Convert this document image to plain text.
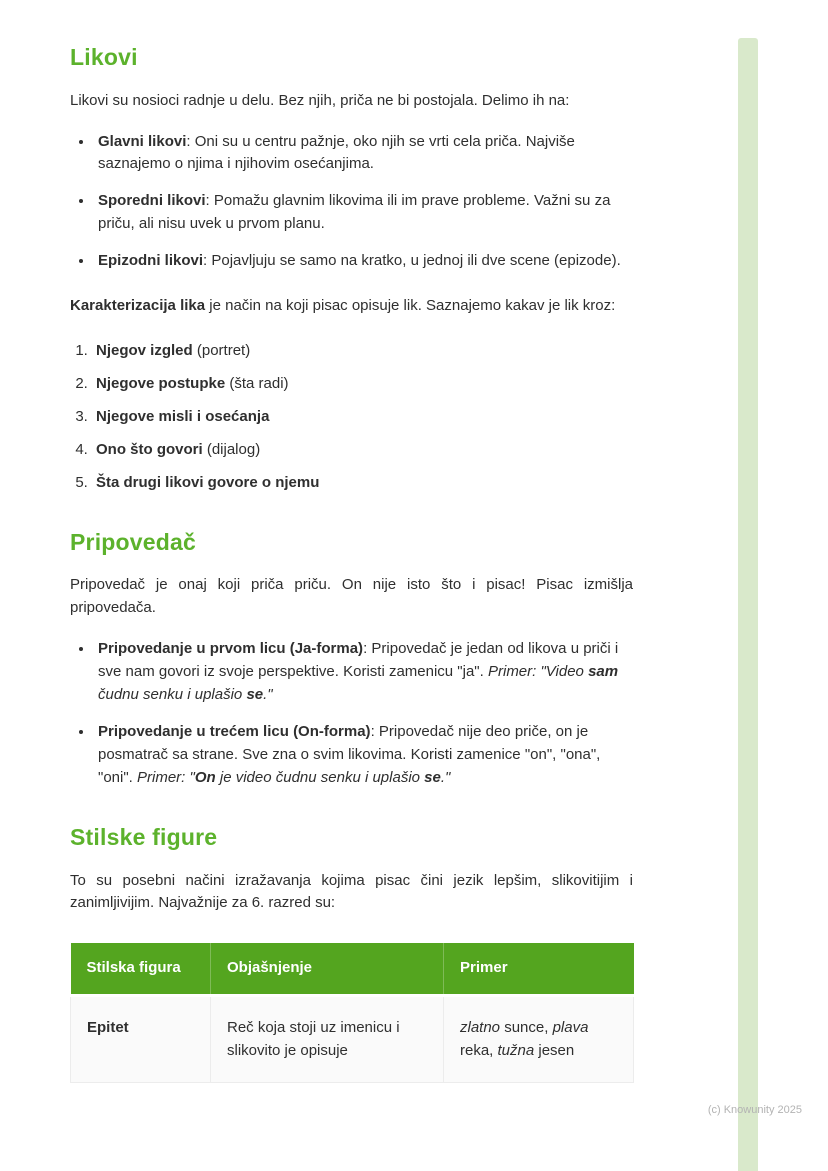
Likovi

Likovi su nosioci radnje u delu. Bez njih, priča ne bi postojala. Delimo ih na:

• Glavni likovi: Oni su u centru pažnje, oko njih se vrti cela priča. Najviše saznajemo o njima i njihovim osećanjima.
• Sporedni likovi: Pomažu glavnim likovima ili im prave probleme. Važni su za priču, ali nisu uvek u prvom planu.
• Epizodni likovi: Pojavljuju se samo na kratko, u jednoj ili dve scene (epizode).

Karakterizacija lika je način na koji pisac opisuje lik. Saznajemo kakav je lik kroz:

1. Njegov izgled (portret)
2. Njegove postupke (šta radi)
3. Njegove misli i osećanja
4. Ono što govori (dijalog)
5. Šta drugi likovi govore o njemu
Pripovedač

Pripovedač je onaj koji priča priču. On nije isto što i pisac! Pisac izmišlja pripovedača.

• Pripovedanje u prvom licu (Ja-forma): Pripovedač je jedan od likova u priči i sve nam govori iz svoje perspektive. Koristi zamenicu "ja". Primer: "Video sam čudnu senku i uplašio se."
• Pripovedanje u trećem licu (On-forma): Pripovedač nije deo priče, on je posmatrač sa strane. Sve zna o svim likovima. Koristi zamenice "on", "ona", "oni". Primer: "On je video čudnu senku i uplašio se."
Stilske figure

To su posebni načini izražavanja kojima pisac čini jezik lepšim, slikovitijim i zanimljivijim. Najvažnije za 6. razred su:

Stilska figura	Objašnjenje	Primer
Epitet	Reč koja stoji uz imenicu i slikovito je opisuje	zlatno sunce, plava reka, tužna jesen
(c) Knowunity 2025
